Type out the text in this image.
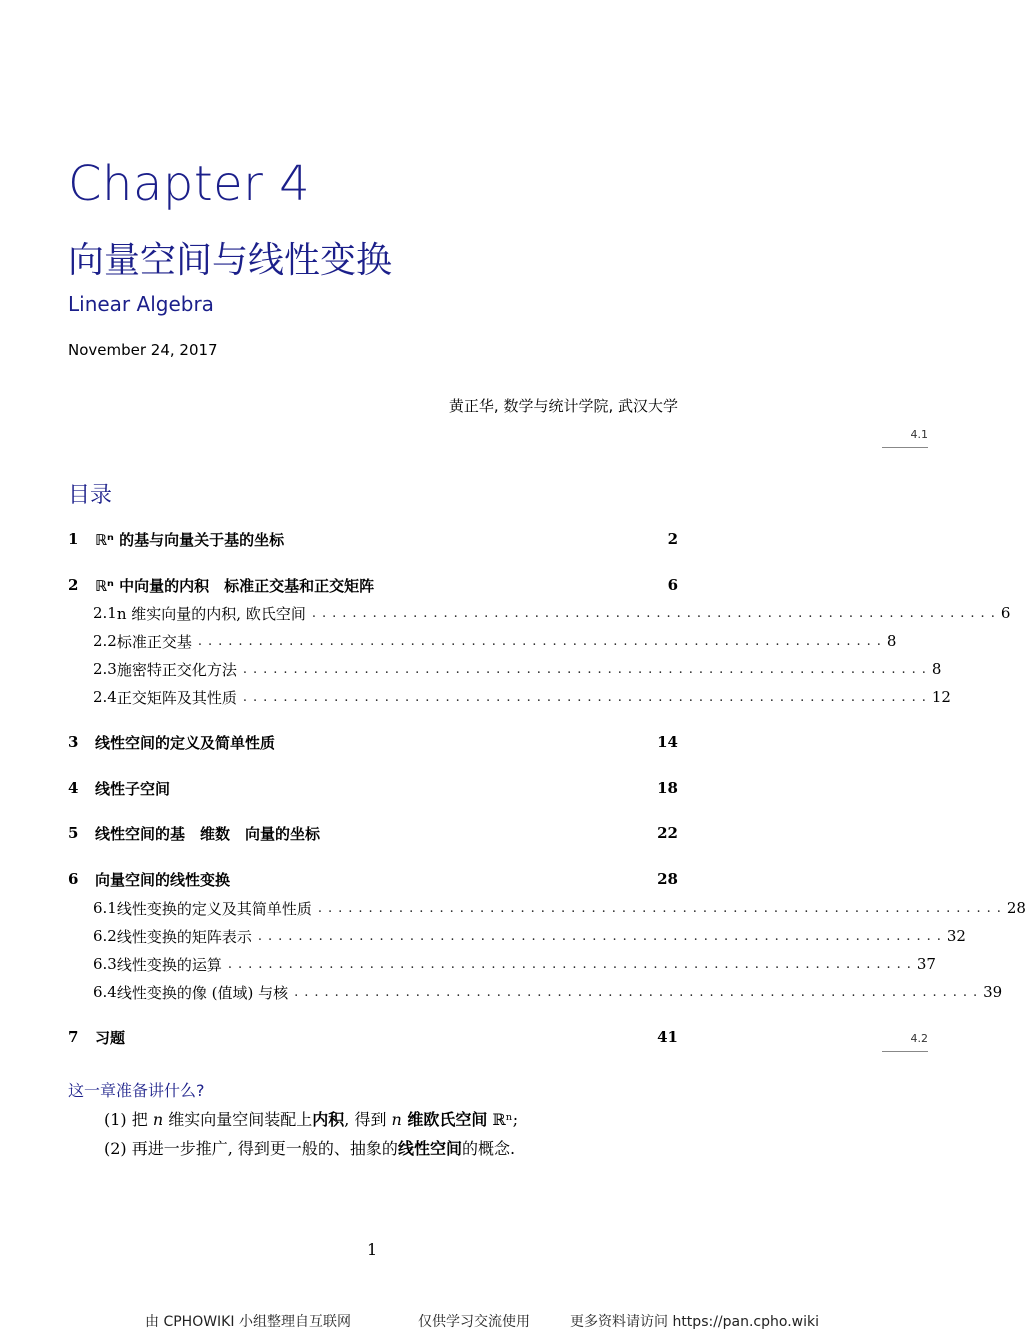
Chapter 4
向量空间与线性变换
Linear Algebra
November 24, 2017
黄正华, 数学与统计学院, 武汉大学
4.1
4.2
目录
1	ℝⁿ 的基与向量关于基的坐标	2
2	ℝⁿ 中向量的内积　标准正交基和正交矩阵	6
2.1 n 维实向量的内积, 欧氏空间 .................................................................... 6
2.2 标准正交基 .................................................................... 8
2.3 施密特正交化方法 .................................................................... 8
2.4 正交矩阵及其性质 .................................................................... 12
3	线性空间的定义及简单性质	14
4	线性子空间	18
5	线性空间的基　维数　向量的坐标	22
6	向量空间的线性变换	28
6.1 线性变换的定义及其简单性质 .................................................................... 28
6.2 线性变换的矩阵表示 .................................................................... 32
6.3 线性变换的运算 .................................................................... 37
6.4 线性变换的像 (值域) 与核 .................................................................... 39
7	习题	41
这一章准备讲什么?
(1) 把 n 维实向量空间装配上内积, 得到 n 维欧氏空间 ℝⁿ;
(2) 再进一步推广, 得到更一般的、抽象的线性空间的概念.
1
由 CPHOWIKI 小组整理自互联网	仅供学习交流使用	更多资料请访问 https://pan.cpho.wiki
